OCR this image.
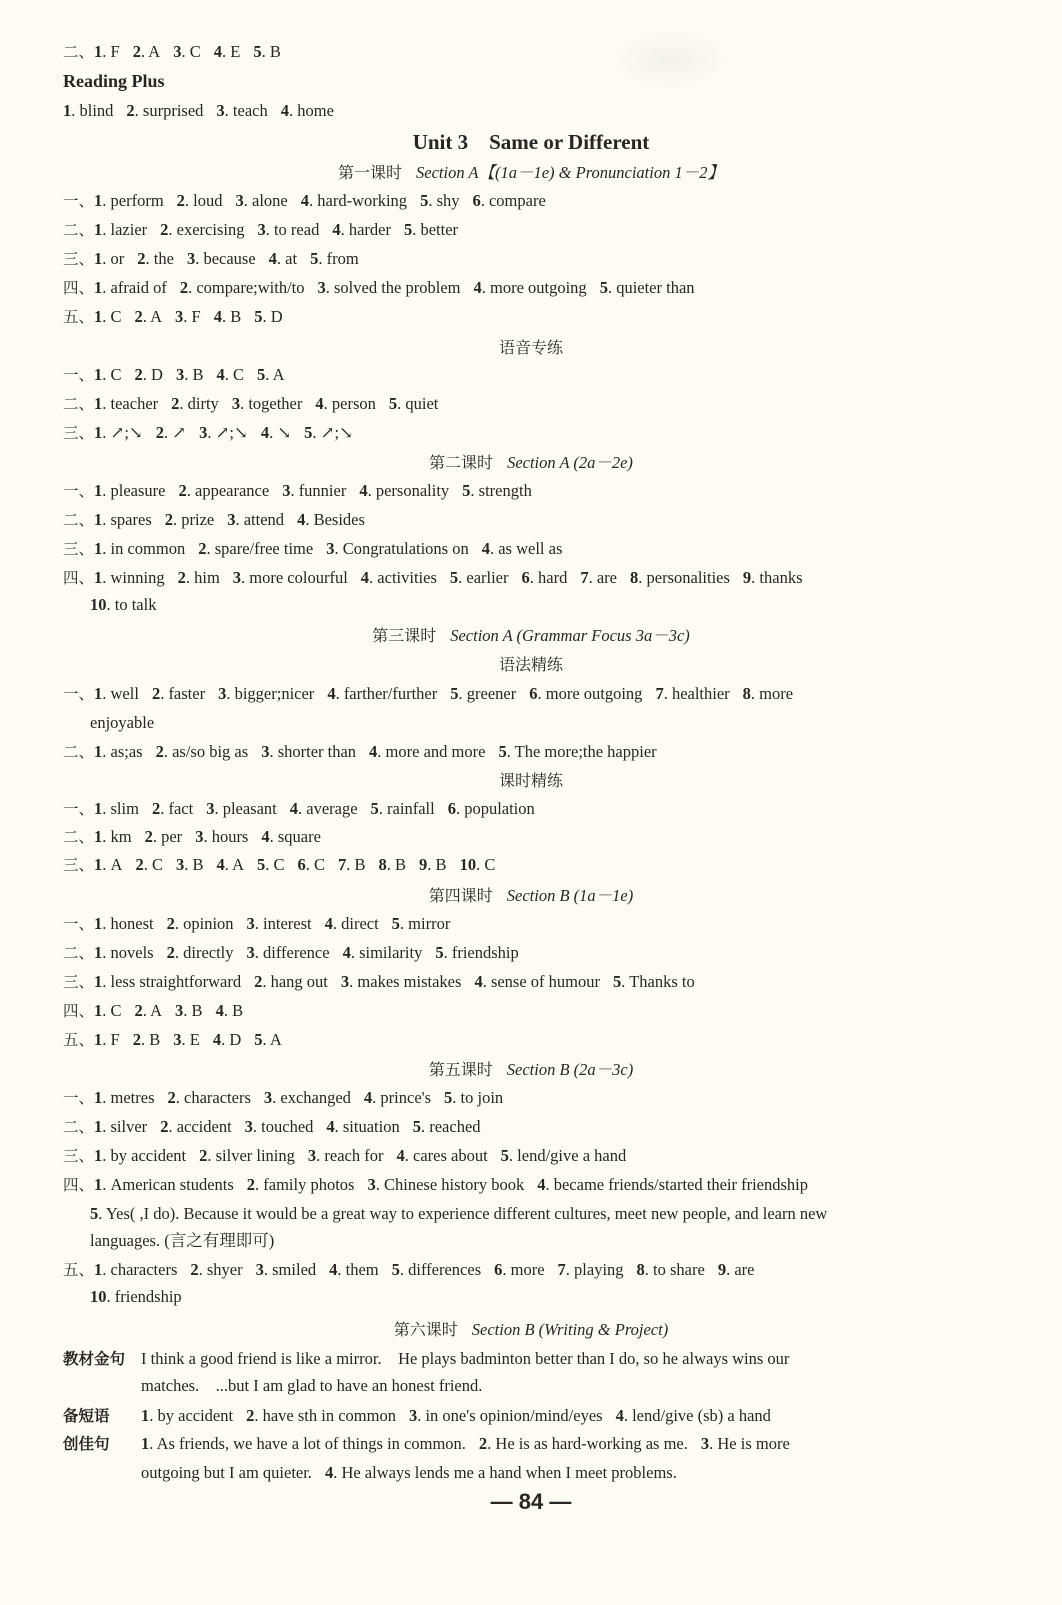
二、1. F 2. A 3. C 4. E 5. B
Reading Plus
1. blind 2. surprised 3. teach 4. home
Unit 3　Same or Different
第一课时 Section A【(1a－1e) & Pronunciation 1－2】
语音专练
第二课时 Section A (2a－2e)
第三课时 Section A (Grammar Focus 3a－3c)
语法精练
课时精练
第四课时 Section B (1a－1e)
第五课时 Section B (2a－3c)
第六课时 Section B (Writing & Project)
教材金句 I think a good friend is like a mirror.　He plays badminton better than I do, so he always wins our
matches.　...but I am glad to have an honest friend.
备短语 1. by accident 2. have sth in common 3. in one's opinion/mind/eyes 4. lend/give (sb) a hand
创佳句 1. As friends, we have a lot of things in common. 2. He is as hard-working as me. 3. He is more
outgoing but I am quieter. 4. He always lends me a hand when I meet problems.
— 84 —
一、1. perform 2. loud 3. alone 4. hard-working 5. shy 6. compare
二、1. lazier 2. exercising 3. to read 4. harder 5. better
三、1. or 2. the 3. because 4. at 5. from
四、1. afraid of 2. compare;with/to 3. solved the problem 4. more outgoing 5. quieter than
五、1. C 2. A 3. F 4. B 5. D
一、1. C 2. D 3. B 4. C 5. A
二、1. teacher 2. dirty 3. together 4. person 5. quiet
三、1. ↗;↘ 2. ↗ 3. ↗;↘ 4. ↘ 5. ↗;↘
一、1. pleasure 2. appearance 3. funnier 4. personality 5. strength
二、1. spares 2. prize 3. attend 4. Besides
三、1. in common 2. spare/free time 3. Congratulations on 4. as well as
四、1. winning 2. him 3. more colourful 4. activities 5. earlier 6. hard 7. are 8. personalities 9. thanks
10. to talk
一、1. well 2. faster 3. bigger;nicer 4. farther/further 5. greener 6. more outgoing 7. healthier 8. more
enjoyable
二、1. as;as 2. as/so big as 3. shorter than 4. more and more 5. The more;the happier
一、1. slim 2. fact 3. pleasant 4. average 5. rainfall 6. population
二、1. km 2. per 3. hours 4. square
三、1. A 2. C 3. B 4. A 5. C 6. C 7. B 8. B 9. B 10. C
一、1. honest 2. opinion 3. interest 4. direct 5. mirror
二、1. novels 2. directly 3. difference 4. similarity 5. friendship
三、1. less straightforward 2. hang out 3. makes mistakes 4. sense of humour 5. Thanks to
四、1. C 2. A 3. B 4. B
五、1. F 2. B 3. E 4. D 5. A
一、1. metres 2. characters 3. exchanged 4. prince's 5. to join
二、1. silver 2. accident 3. touched 4. situation 5. reached
三、1. by accident 2. silver lining 3. reach for 4. cares about 5. lend/give a hand
四、1. American students 2. family photos 3. Chinese history book 4. became friends/started their friendship
5. Yes( ,I do). Because it would be a great way to experience different cultures, meet new people, and learn new
languages. (言之有理即可)
五、1. characters 2. shyer 3. smiled 4. them 5. differences 6. more 7. playing 8. to share 9. are
10. friendship
